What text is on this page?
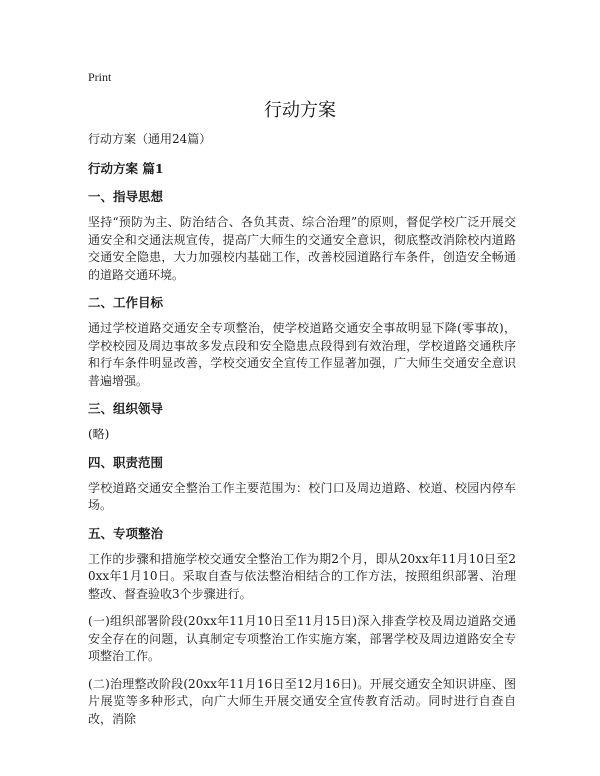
Print
行动方案
行动方案（通用24篇）
行动方案 篇1
一、指导思想

坚持“预防为主、防治结合、各负其责、综合治理”的原则，督促学校广泛开展交通安全和交通法规宣传，提高广大师生的交通安全意识，彻底整改消除校内道路交通安全隐患，大力加强校内基础工作，改善校园道路行车条件，创造安全畅通的道路交通环境。

二、工作目标

通过学校道路交通安全专项整治，使学校道路交通安全事故明显下降(零事故)，学校校园及周边事故多发点段和安全隐患点段得到有效治理，学校道路交通秩序和行车条件明显改善，学校交通安全宣传工作显著加强，广大师生交通安全意识普遍增强。

三、组织领导

(略)

四、职责范围

学校道路交通安全整治工作主要范围为：校门口及周边道路、校道、校园内停车场。

五、专项整治

工作的步骤和措施学校交通安全整治工作为期2个月，即从20xx年11月10日至20xx年1月10日。采取自查与依法整治相结合的工作方法，按照组织部署、治理整改、督查验收3个步骤进行。

(一)组织部署阶段(20xx年11月10日至11月15日)深入排查学校及周边道路交通安全存在的问题，认真制定专项整治工作实施方案，部署学校及周边道路安全专项整治工作。

(二)治理整改阶段(20xx年11月16日至12月16日)。开展交通安全知识讲座、图片展览等多种形式，向广大师生开展交通安全宣传教育活动。同时进行自查自改，消除
